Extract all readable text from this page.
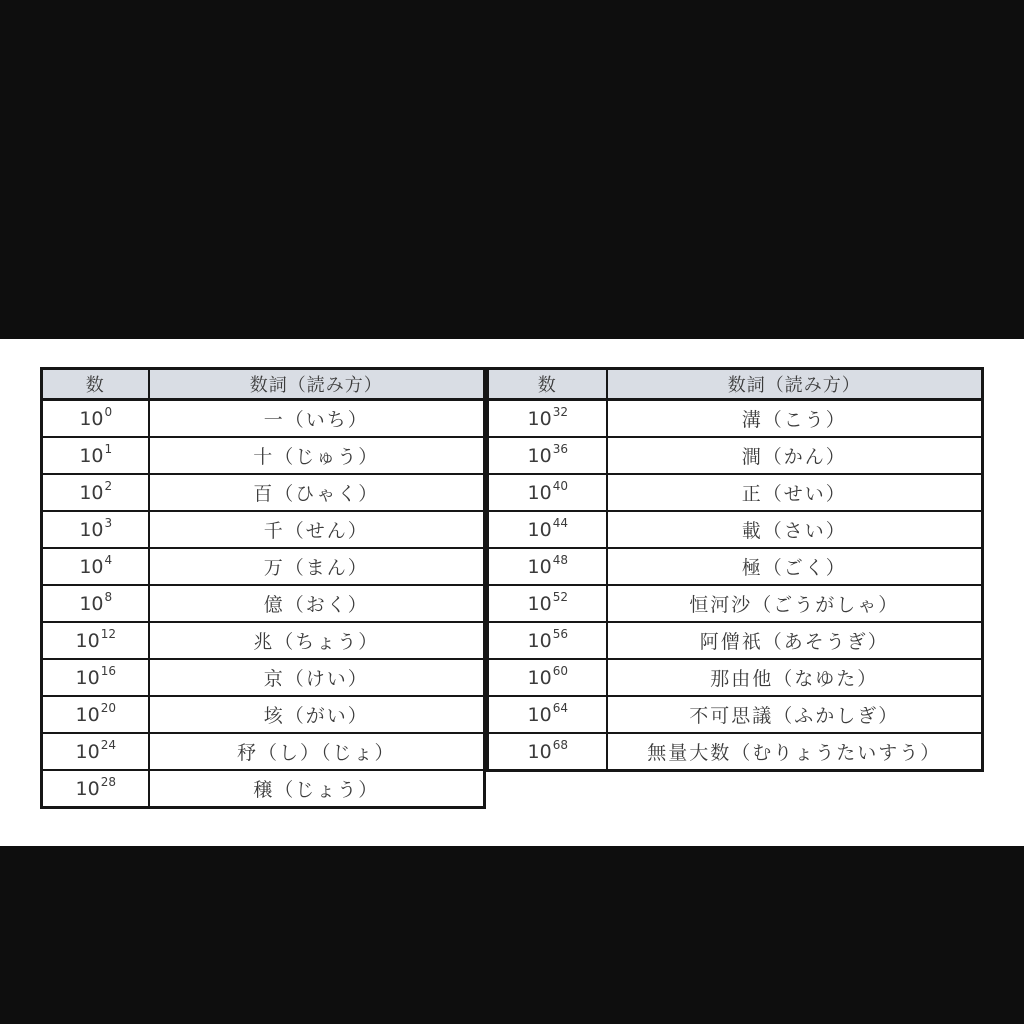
数	数詞（読み方）
$10^0$	一（いち）
$10^1$	十（じゅう）
$10^2$	百（ひゃく）
$10^3$	千（せん）
$10^4$	万（まん）
$10^8$	億（おく）
$10^{12}$	兆（ちょう）
$10^{16}$	京（けい）
$10^{20}$	垓（がい）
$10^{24}$	𥝱（し）（じょ）
$10^{28}$	穣（じょう）
数	数詞（読み方）
$10^{32}$	溝（こう）
$10^{36}$	澗（かん）
$10^{40}$	正（せい）
$10^{44}$	載（さい）
$10^{48}$	極（ごく）
$10^{52}$	恒河沙（ごうがしゃ）
$10^{56}$	阿僧祇（あそうぎ）
$10^{60}$	那由他（なゆた）
$10^{64}$	不可思議（ふかしぎ）
$10^{68}$	無量大数（むりょうたいすう）
